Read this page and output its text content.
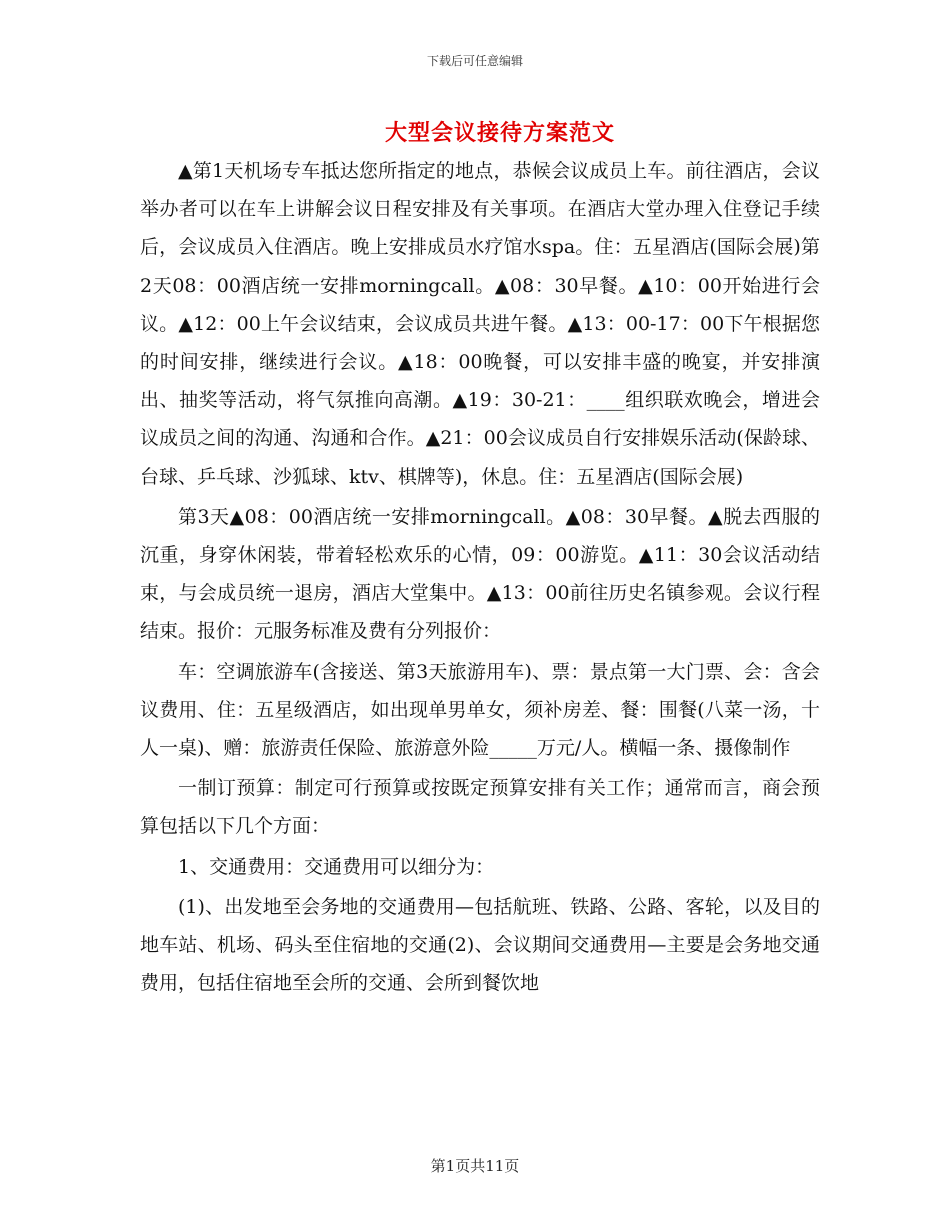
下载后可任意编辑
大型会议接待方案范文

▲第1天机场专车抵达您所指定的地点，恭候会议成员上车。前往酒店，会议举办者可以在车上讲解会议日程安排及有关事项。在酒店大堂办理入住登记手续后，会议成员入住酒店。晚上安排成员水疗馆水spa。住：五星酒店(国际会展)第2天08：00酒店统一安排morningcall。▲08：30早餐。▲10：00开始进行会议。▲12：00上午会议结束，会议成员共进午餐。▲13：00-17：00下午根据您的时间安排，继续进行会议。▲18：00晚餐，可以安排丰盛的晚宴，并安排演出、抽奖等活动，将气氛推向高潮。▲19：30-21：____组织联欢晚会，增进会议成员之间的沟通、沟通和合作。▲21：00会议成员自行安排娱乐活动(保龄球、台球、乒乓球、沙狐球、ktv、棋牌等)，休息。住：五星酒店(国际会展)

第3天▲08：00酒店统一安排morningcall。▲08：30早餐。▲脱去西服的沉重，身穿休闲装，带着轻松欢乐的心情，09：00游览。▲11：30会议活动结束，与会成员统一退房，酒店大堂集中。▲13：00前往历史名镇参观。会议行程结束。报价：元服务标准及费有分列报价：

车：空调旅游车(含接送、第3天旅游用车)、票：景点第一大门票、会：含会议费用、住：五星级酒店，如出现单男单女，须补房差、餐：围餐(八菜一汤，十人一桌)、赠：旅游责任保险、旅游意外险_____万元/人。横幅一条、摄像制作

一制订预算：制定可行预算或按既定预算安排有关工作；通常而言，商会预算包括以下几个方面：

1、交通费用：交通费用可以细分为：

(1)、出发地至会务地的交通费用—包括航班、铁路、公路、客轮，以及目的地车站、机场、码头至住宿地的交通(2)、会议期间交通费用—主要是会务地交通费用，包括住宿地至会所的交通、会所到餐饮地

第1页共11页
